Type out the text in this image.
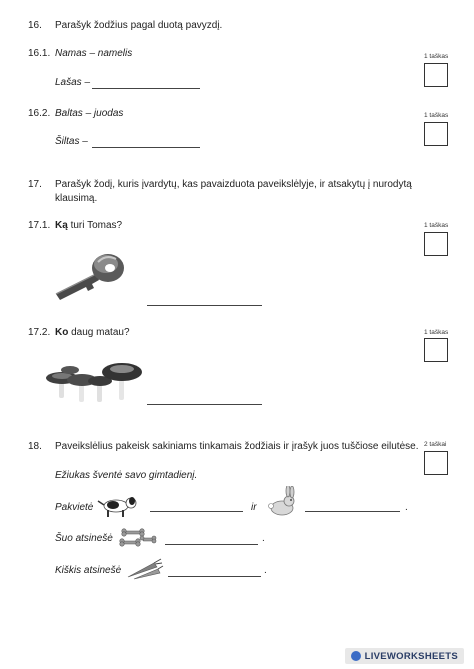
16. Parašyk žodžius pagal duotą pavyzdį.
16.1. Namas – namelis	1 taškas
Lašas –
16.2. Baltas – juodas	1 taškas
Šiltas –
17. Parašyk žodį, kuris įvardytų, kas pavaizduota paveikslėlyje, ir atsakytų į nurodytą
klausimą.
17.1. Ką turi Tomas?	1 taškas
17.2. Ko daug matau?	1 taškas
18. Paveikslėlius pakeisk sakiniams tinkamais žodžiais ir įrašyk juos tuščiose eilutėse. 2 taškai
Ežiukas šventė savo gimtadienį.
Pakvietė	ir	.
Šuo atsinešė	.
Kiškis atsinešė	.
LIVEWORKSHEETS
